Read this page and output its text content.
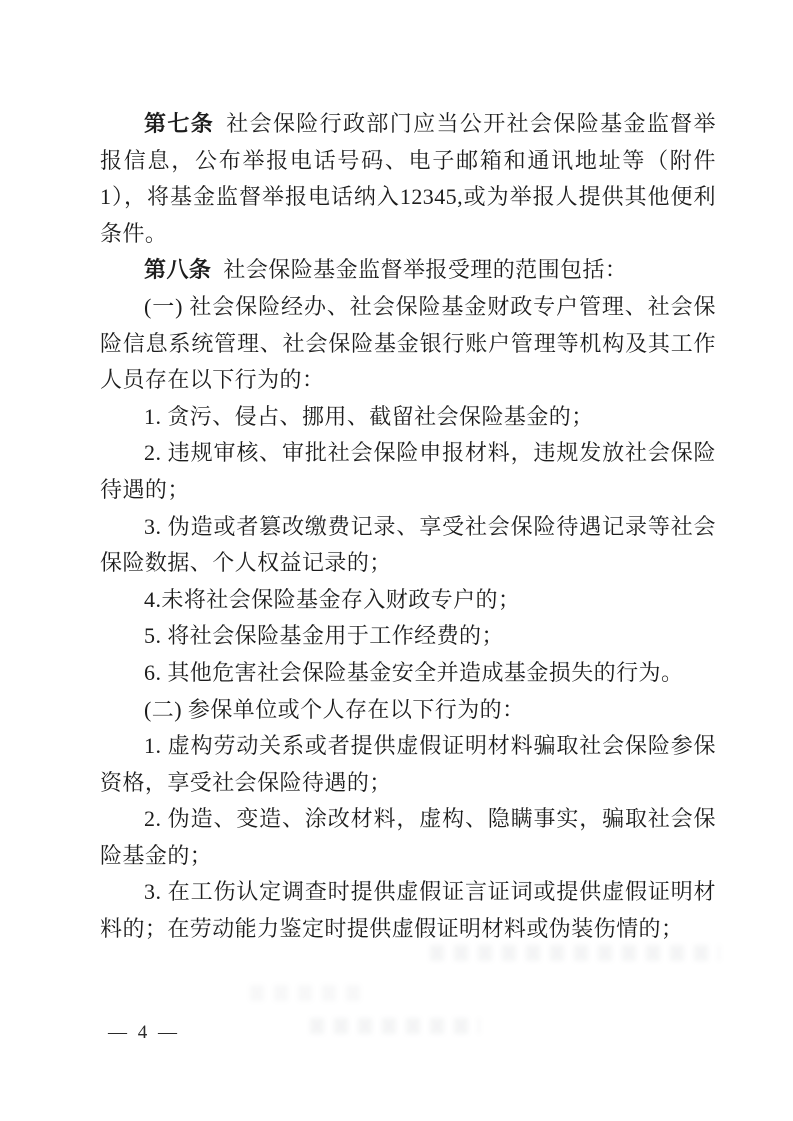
第七条 社会保险行政部门应当公开社会保险基金监督举报信息，公布举报电话号码、电子邮箱和通讯地址等（附件1），将基金监督举报电话纳入12345,或为举报人提供其他便利条件。

第八条 社会保险基金监督举报受理的范围包括：

(一) 社会保险经办、社会保险基金财政专户管理、社会保险信息系统管理、社会保险基金银行账户管理等机构及其工作人员存在以下行为的：

1. 贪污、侵占、挪用、截留社会保险基金的；

2. 违规审核、审批社会保险申报材料，违规发放社会保险待遇的；

3. 伪造或者篡改缴费记录、享受社会保险待遇记录等社会保险数据、个人权益记录的；

4.未将社会保险基金存入财政专户的；

5. 将社会保险基金用于工作经费的；

6. 其他危害社会保险基金安全并造成基金损失的行为。

(二) 参保单位或个人存在以下行为的：

1. 虚构劳动关系或者提供虚假证明材料骗取社会保险参保资格，享受社会保险待遇的；

2. 伪造、变造、涂改材料，虚构、隐瞒事实，骗取社会保险基金的；

3. 在工伤认定调查时提供虚假证言证词或提供虚假证明材料的；在劳动能力鉴定时提供虚假证明材料或伪装伤情的；

— 4 —
